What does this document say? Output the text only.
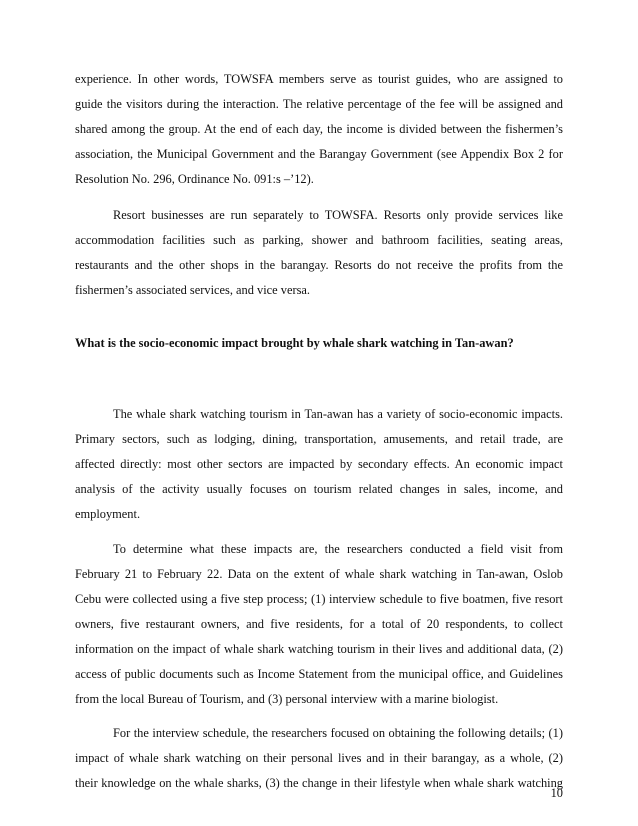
experience. In other words, TOWSFA members serve as tourist guides, who are assigned to
guide the visitors during the interaction. The relative percentage of the fee will be assigned and
shared among the group. At the end of each day, the income is divided between the fishermen’s
association, the Municipal Government and the Barangay Government (see Appendix Box 2 for
Resolution No. 296, Ordinance No. 091:s –’12).
Resort businesses are run separately to TOWSFA. Resorts only provide services like
accommodation facilities such as parking, shower and bathroom facilities, seating areas,
restaurants and the other shops in the barangay. Resorts do not receive the profits from the
fishermen’s associated services, and vice versa.
What is the socio-economic impact brought by whale shark watching in Tan-awan?
The whale shark watching tourism in Tan-awan has a variety of socio-economic impacts.
Primary sectors, such as lodging, dining, transportation, amusements, and retail trade, are
affected directly: most other sectors are impacted by secondary effects. An economic impact
analysis of the activity usually focuses on tourism related changes in sales, income, and
employment.
To determine what these impacts are, the researchers conducted a field visit from
February 21 to February 22. Data on the extent of whale shark watching in Tan-awan, Oslob
Cebu were collected using a five step process; (1) interview schedule to five boatmen, five resort
owners, five restaurant owners, and five residents, for a total of 20 respondents, to collect
information on the impact of whale shark watching tourism in their lives and additional data, (2)
access of public documents such as Income Statement from the municipal office, and Guidelines
from the local Bureau of Tourism, and (3) personal interview with a marine biologist.
For the interview schedule, the researchers focused on obtaining the following details; (1)
impact of whale shark watching on their personal lives and in their barangay, as a whole, (2)
their knowledge on the whale sharks, (3) the change in their lifestyle when whale shark watching
10
